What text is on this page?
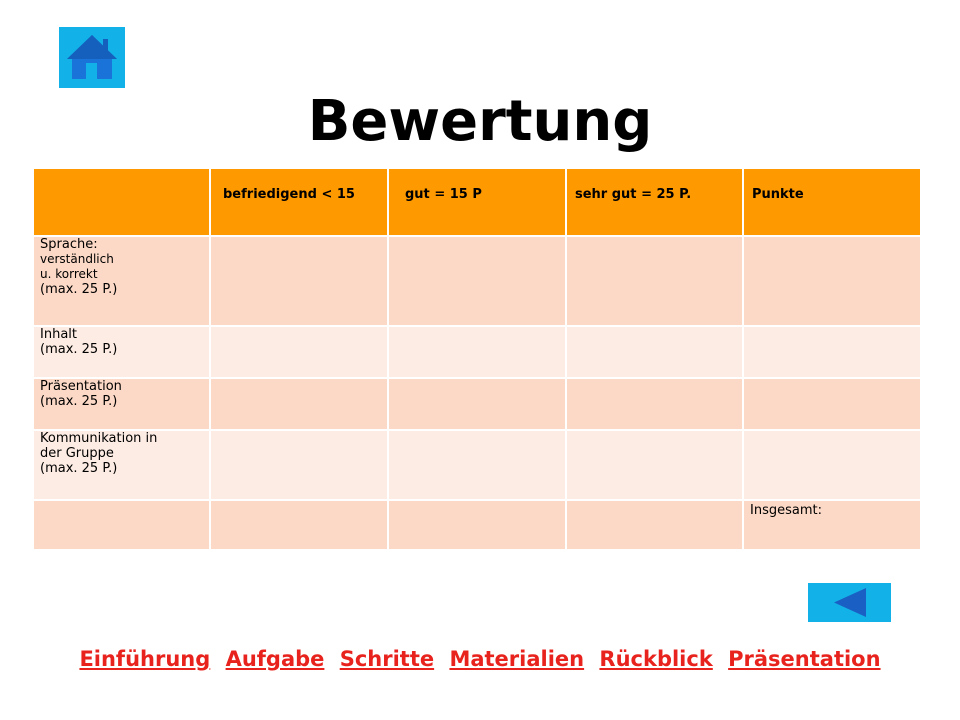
Bewertung
	befriedigend < 15	gut = 15 P	sehr gut = 25 P.	Punkte

Sprache:
verständlich
u. korrekt
(max. 25 P.)				

Inhalt
(max. 25 P.)				

Präsentation
(max. 25 P.)				

Kommunikation in
der Gruppe
(max. 25 P.)				

				Insgesamt:
Einführung Aufgabe Schritte Materialien Rückblick Präsentation
